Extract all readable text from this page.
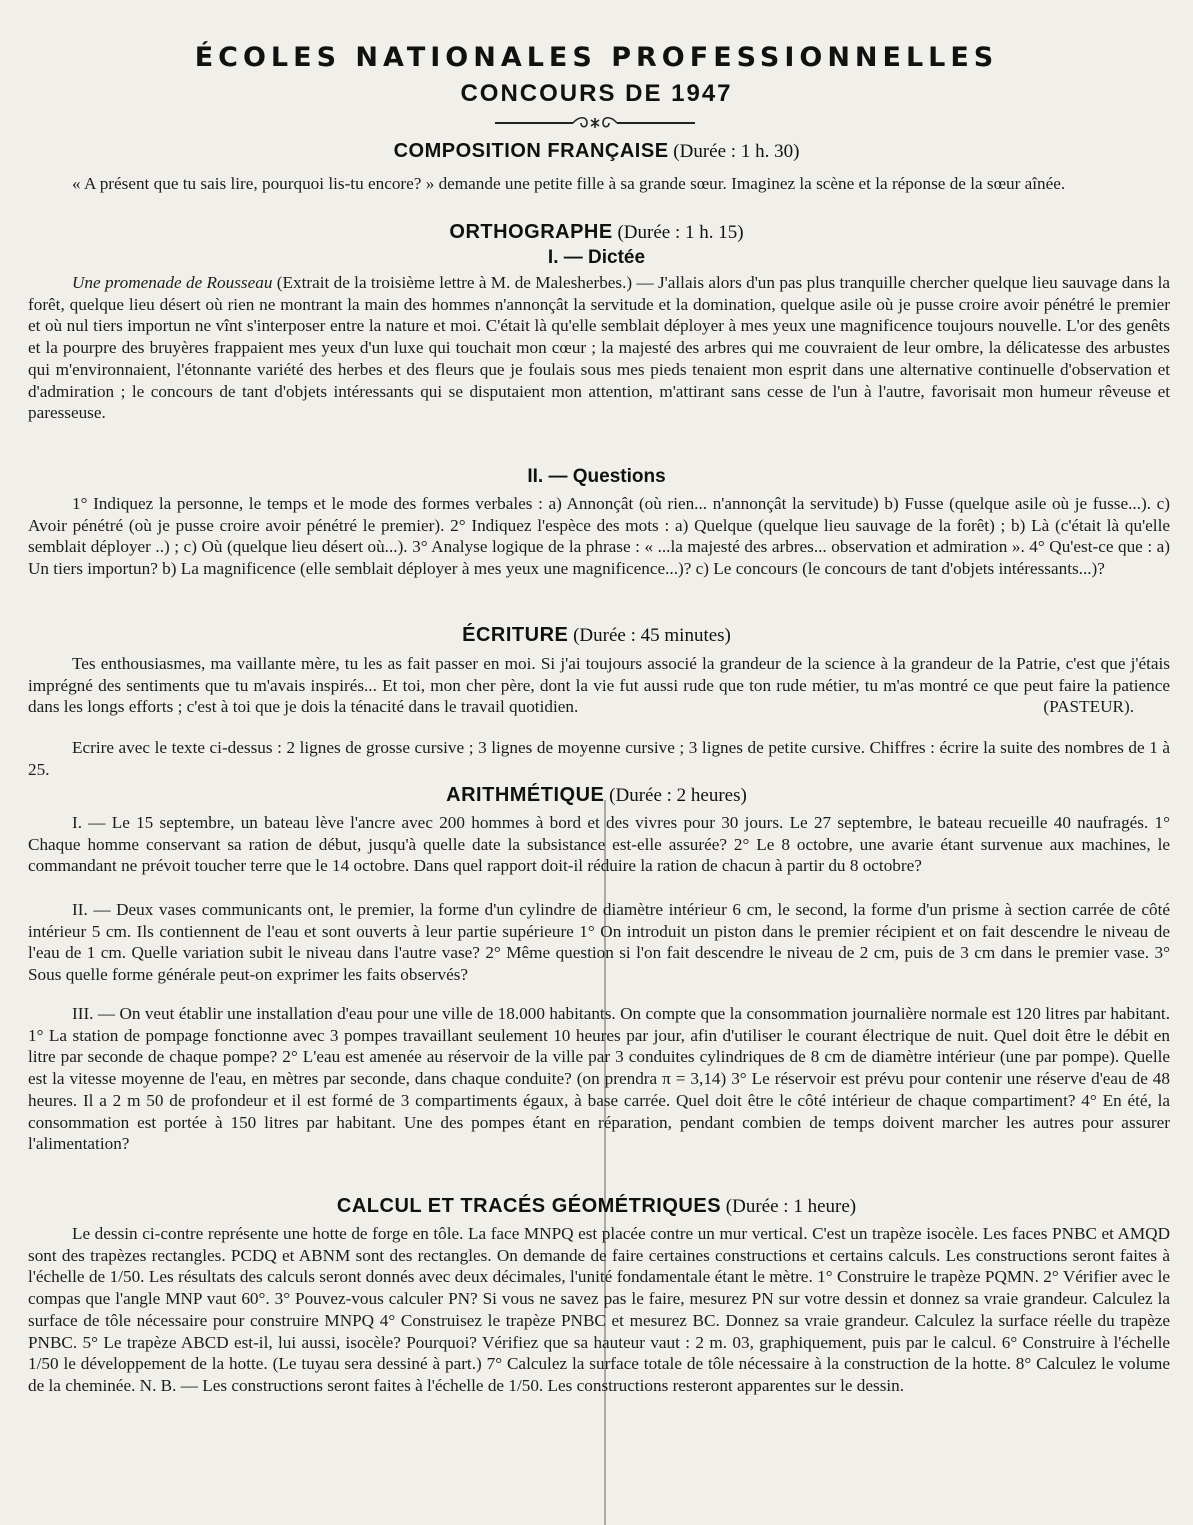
ÉCOLES NATIONALES PROFESSIONNELLES
CONCOURS DE 1947
COMPOSITION FRANÇAISE (Durée : 1 h. 30)
« A présent que tu sais lire, pourquoi lis-tu encore? » demande une petite fille à sa grande sœur. Imaginez la scène et la réponse de la sœur aînée.
ORTHOGRAPHE (Durée : 1 h. 15)
I. — Dictée
Une promenade de Rousseau (Extrait de la troisième lettre à M. de Malesherbes.) — J'allais alors d'un pas plus tranquille chercher quelque lieu sauvage dans la forêt, quelque lieu désert où rien ne montrant la main des hommes n'annonçât la servitude et la domination, quelque asile où je pusse croire avoir pénétré le premier et où nul tiers importun ne vînt s'interposer entre la nature et moi. C'était là qu'elle semblait déployer à mes yeux une magnificence toujours nouvelle. L'or des genêts et la pourpre des bruyères frappaient mes yeux d'un luxe qui touchait mon cœur ; la majesté des arbres qui me couvraient de leur ombre, la délicatesse des arbustes qui m'environnaient, l'étonnante variété des herbes et des fleurs que je foulais sous mes pieds tenaient mon esprit dans une alternative continuelle d'observation et d'admiration ; le concours de tant d'objets intéressants qui se disputaient mon attention, m'attirant sans cesse de l'un à l'autre, favorisait mon humeur rêveuse et paresseuse.
II. — Questions
1° Indiquez la personne, le temps et le mode des formes verbales : a) Annonçât (où rien... n'annonçât la servitude) b) Fusse (quelque asile où je fusse...). c) Avoir pénétré (où je pusse croire avoir pénétré le premier). 2° Indiquez l'espèce des mots : a) Quelque (quelque lieu sauvage de la forêt) ; b) Là (c'était là qu'elle semblait déployer ..) ; c) Où (quelque lieu désert où...). 3° Analyse logique de la phrase : « ...la majesté des arbres... observation et admiration ». 4° Qu'est-ce que : a) Un tiers importun? b) La magnificence (elle semblait déployer à mes yeux une magnificence...)? c) Le concours (le concours de tant d'objets intéressants...)?
ÉCRITURE (Durée : 45 minutes)
Tes enthousiasmes, ma vaillante mère, tu les as fait passer en moi. Si j'ai toujours associé la grandeur de la science à la grandeur de la Patrie, c'est que j'étais imprégné des sentiments que tu m'avais inspirés... Et toi, mon cher père, dont la vie fut aussi rude que ton rude métier, tu m'as montré ce que peut faire la patience dans les longs efforts ; c'est à toi que je dois la ténacité dans le travail quotidien.	(PASTEUR).
Ecrire avec le texte ci-dessus : 2 lignes de grosse cursive ; 3 lignes de moyenne cursive ; 3 lignes de petite cursive. Chiffres : écrire la suite des nombres de 1 à 25.
ARITHMÉTIQUE (Durée : 2 heures)
I. — Le 15 septembre, un bateau lève l'ancre avec 200 hommes à bord et des vivres pour 30 jours. Le 27 septembre, le bateau recueille 40 naufragés. 1° Chaque homme conservant sa ration de début, jusqu'à quelle date la subsistance est-elle assurée? 2° Le 8 octobre, une avarie étant survenue aux machines, le commandant ne prévoit toucher terre que le 14 octobre. Dans quel rapport doit-il réduire la ration de chacun à partir du 8 octobre?
II. — Deux vases communicants ont, le premier, la forme d'un cylindre de diamètre intérieur 6 cm, le second, la forme d'un prisme à section carrée de côté intérieur 5 cm. Ils contiennent de l'eau et sont ouverts à leur partie supérieure 1° On introduit un piston dans le premier récipient et on fait descendre le niveau de l'eau de 1 cm. Quelle variation subit le niveau dans l'autre vase? 2° Même question si l'on fait descendre le niveau de 2 cm, puis de 3 cm dans le premier vase. 3° Sous quelle forme générale peut-on exprimer les faits observés?
III. — On veut établir une installation d'eau pour une ville de 18.000 habitants. On compte que la consommation journalière normale est 120 litres par habitant. 1° La station de pompage fonctionne avec 3 pompes travaillant seulement 10 heures par jour, afin d'utiliser le courant électrique de nuit. Quel doit être le débit en litre par seconde de chaque pompe? 2° L'eau est amenée au réservoir de la ville par 3 conduites cylindriques de 8 cm de diamètre intérieur (une par pompe). Quelle est la vitesse moyenne de l'eau, en mètres par seconde, dans chaque conduite? (on prendra π = 3,14) 3° Le réservoir est prévu pour contenir une réserve d'eau de 48 heures. Il a 2 m 50 de profondeur et il est formé de 3 compartiments égaux, à base carrée. Quel doit être le côté intérieur de chaque compartiment? 4° En été, la consommation est portée à 150 litres par habitant. Une des pompes étant en réparation, pendant combien de temps doivent marcher les autres pour assurer l'alimentation?
CALCUL ET TRACÉS GÉOMÉTRIQUES (Durée : 1 heure)
Le dessin ci-contre représente une hotte de forge en tôle. La face MNPQ est placée contre un mur vertical. C'est un trapèze isocèle. Les faces PNBC et AMQD sont des trapèzes rectangles. PCDQ et ABNM sont des rectangles. On demande de faire certaines constructions et certains calculs. Les constructions seront faites à l'échelle de 1/50. Les résultats des calculs seront donnés avec deux décimales, l'unité fondamentale étant le mètre. 1° Construire le trapèze PQMN. 2° Vérifier avec le compas que l'angle MNP vaut 60°. 3° Pouvez-vous calculer PN? Si vous ne savez pas le faire, mesurez PN sur votre dessin et donnez sa vraie grandeur. Calculez la surface de tôle nécessaire pour construire MNPQ 4° Construisez le trapèze PNBC et mesurez BC. Donnez sa vraie grandeur. Calculez la surface réelle du trapèze PNBC. 5° Le trapèze ABCD est-il, lui aussi, isocèle? Pourquoi? Vérifiez que sa hauteur vaut : 2 m. 03, graphiquement, puis par le calcul. 6° Construire à l'échelle 1/50 le développement de la hotte. (Le tuyau sera dessiné à part.) 7° Calculez la surface totale de tôle nécessaire à la construction de la hotte. 8° Calculez le volume de la cheminée. N. B. — Les constructions seront faites à l'échelle de 1/50. Les constructions resteront apparentes sur le dessin.
